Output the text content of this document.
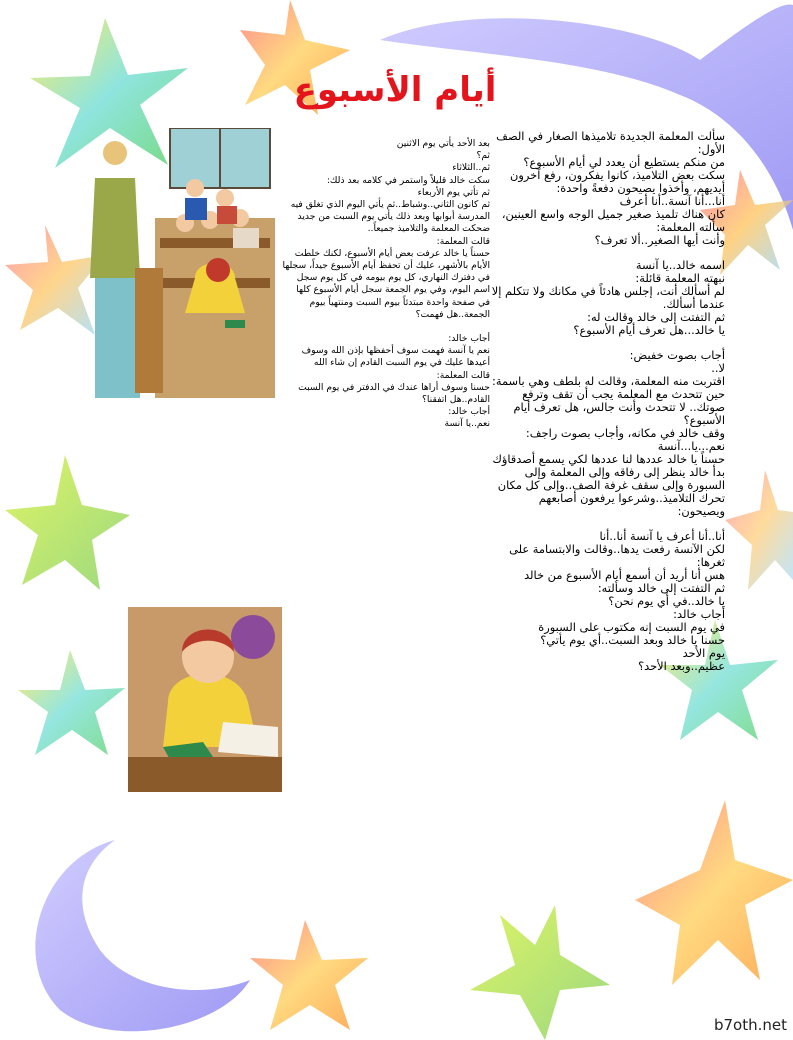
أيام الأسبوع

سألت المعلمة الجديدة تلاميذها الصغار في الصف الأول:
من منكم يستطيع أن يعدد لي أيام الأسبوع؟
سكت بعض التلاميذ، كانوا يفكرون، رفع آخرون أيديهم، وأخذوا يصيحون دفعةً واحدة:
أنا...أنا آنسة..أنا أعرف
كان هناك تلميذ صغير جميل الوجه واسع العينين، سألته المعلمة:
وأنت أيها الصغير..ألا تعرف؟

اسمه خالد..يا آنسة
نبهته المعلمة قائلة:
لم أسألك أنت، إجلس هادئاً في مكانك ولا تتكلم إلا عندما أسألك.
ثم التفتت إلى خالد وقالت له:
يا خالد...هل تعرف أيام الأسبوع؟

أجاب بصوت خفيض:
لا..
اقتربت منه المعلمة، وقالت له بلطف وهي باسمة:
حين تتحدث مع المعلمة يجب أن تقف وترفع صوتك.. لا تتحدث وأنت جالس، هل تعرف أيام الأسبوع؟
وقف خالد في مكانه، وأجاب بصوت راجف:
نعم...يا...آنسة
حسناً يا خالد عددها لنا عددها لكي يسمع أصدقاؤك
بدأ خالد ينظر إلى رفاقه وإلى المعلمة وإلى السبورة وإلى سقف غرفة الصف..وإلى كل مكان
تحرك التلاميذ..وشرعوا يرفعون أصابعهم ويصيحون:

أنا..أنا أعرف يا آنسة أنا..أنا
لكن الآنسة رفعت يدها..وقالت والابتسامة على ثغرها:
هس أنا أريد أن أسمع أيام الأسبوع من خالد
ثم التفتت إلى خالد وسألته:
يا خالد..في أي يوم نحن؟
أجاب خالد:
في يوم السبت إنه مكتوب على السبورة
حسنا يا خالد وبعد السبت..أي يوم يأتي؟
يوم الأحد
عظيم..وبعد الأحد؟

بعد الأحد يأتي يوم الاثنين
ثم؟
ثم..الثلاثاء
سكت خالد قليلاً واستمر في كلامه بعد ذلك:
ثم تأتي يوم الأربعاء
ثم كانون الثاني..وشباط..ثم يأتي اليوم الذي تغلق فيه المدرسة أبوابها وبعد ذلك يأتي يوم السبت من جديد
ضحكت المعلمة والتلاميذ جميعاً..
قالت المعلمة:
حسناً يا خالد عرفت بعض أيام الأسبوع، لكنك خلطت الأيام بالأشهر، عليك أن تحفظ أيام الأسبوع جيداً، سجلها في دفترك النهاري، كل يوم بيومه في كل يوم سجل اسم اليوم، وفي يوم الجمعة سجل أيام الأسبوع كلها في صفحة واحدة مبتدئاً بيوم السبت ومنتهياً بيوم الجمعة..هل فهمت؟

أجاب خالد:
نعم يا آنسة فهمت سوف أحفظها بإذن الله وسوف أعيدها عليك في يوم السبت القادم إن شاء الله
قالت المعلمة:
حسنا وسوف أراها عندك في الدفتر في يوم السبت القادم..هل اتفقنا؟
أجاب خالد:
نعم..يا آنسة

b7oth.net
